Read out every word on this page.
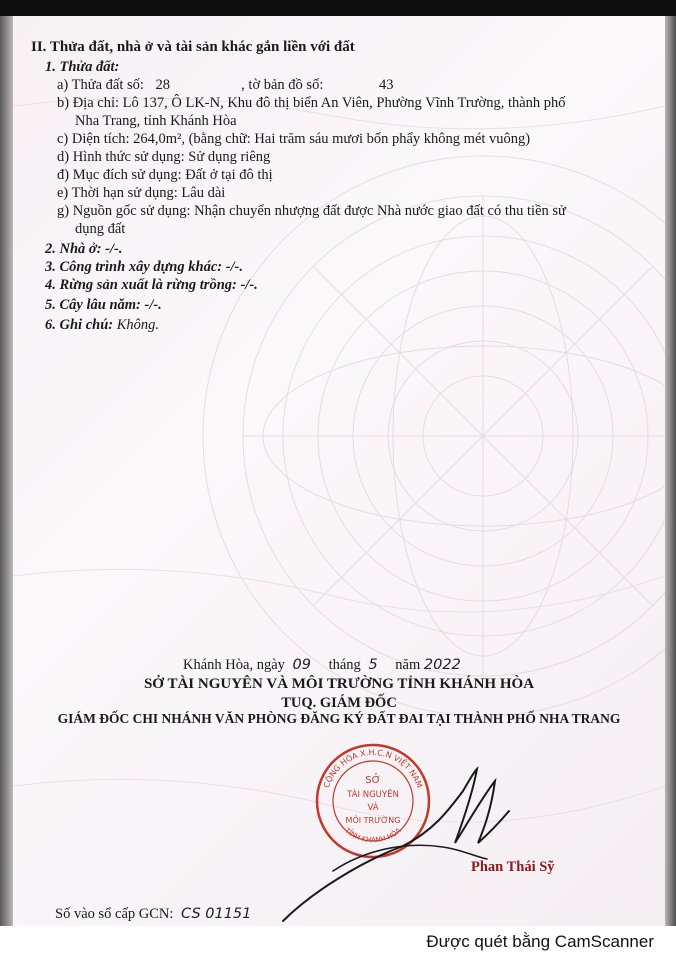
II. Thửa đất, nhà ở và tài sản khác gắn liền với đất
1. Thửa đất:
a) Thửa đất số: 28	, tờ bản đồ số:	43
b) Địa chỉ: Lô 137, Ô LK-N, Khu đô thị biển An Viên, Phường Vĩnh Trường, thành phố
Nha Trang, tỉnh Khánh Hòa
c) Diện tích: 264,0m², (bằng chữ: Hai trăm sáu mươi bốn phẩy không mét vuông)
d) Hình thức sử dụng: Sử dụng riêng
đ) Mục đích sử dụng: Đất ở tại đô thị
e) Thời hạn sử dụng: Lâu dài
g) Nguồn gốc sử dụng: Nhận chuyển nhượng đất được Nhà nước giao đất có thu tiền sử
dụng đất
2. Nhà ở: -/-.
3. Công trình xây dựng khác: -/-.
4. Rừng sản xuất là rừng trồng: -/-.
5. Cây lâu năm: -/-.
6. Ghi chú: Không.
Khánh Hòa, ngày 09 tháng 5 năm 2022
SỞ TÀI NGUYÊN VÀ MÔI TRƯỜNG TỈNH KHÁNH HÒA
TUQ. GIÁM ĐỐC
GIÁM ĐỐC CHI NHÁNH VĂN PHÒNG ĐĂNG KÝ ĐẤT ĐAI TẠI THÀNH PHỐ NHA TRANG
CỘNG HÒA X.H.C.N VIỆT NAM
TỈNH KHÁNH HÒA
SỞ
TÀI NGUYÊN
VÀ
MÔI TRƯỜNG
Phan Thái Sỹ
Số vào sổ cấp GCN: CS 01151
Được quét bằng CamScanner
